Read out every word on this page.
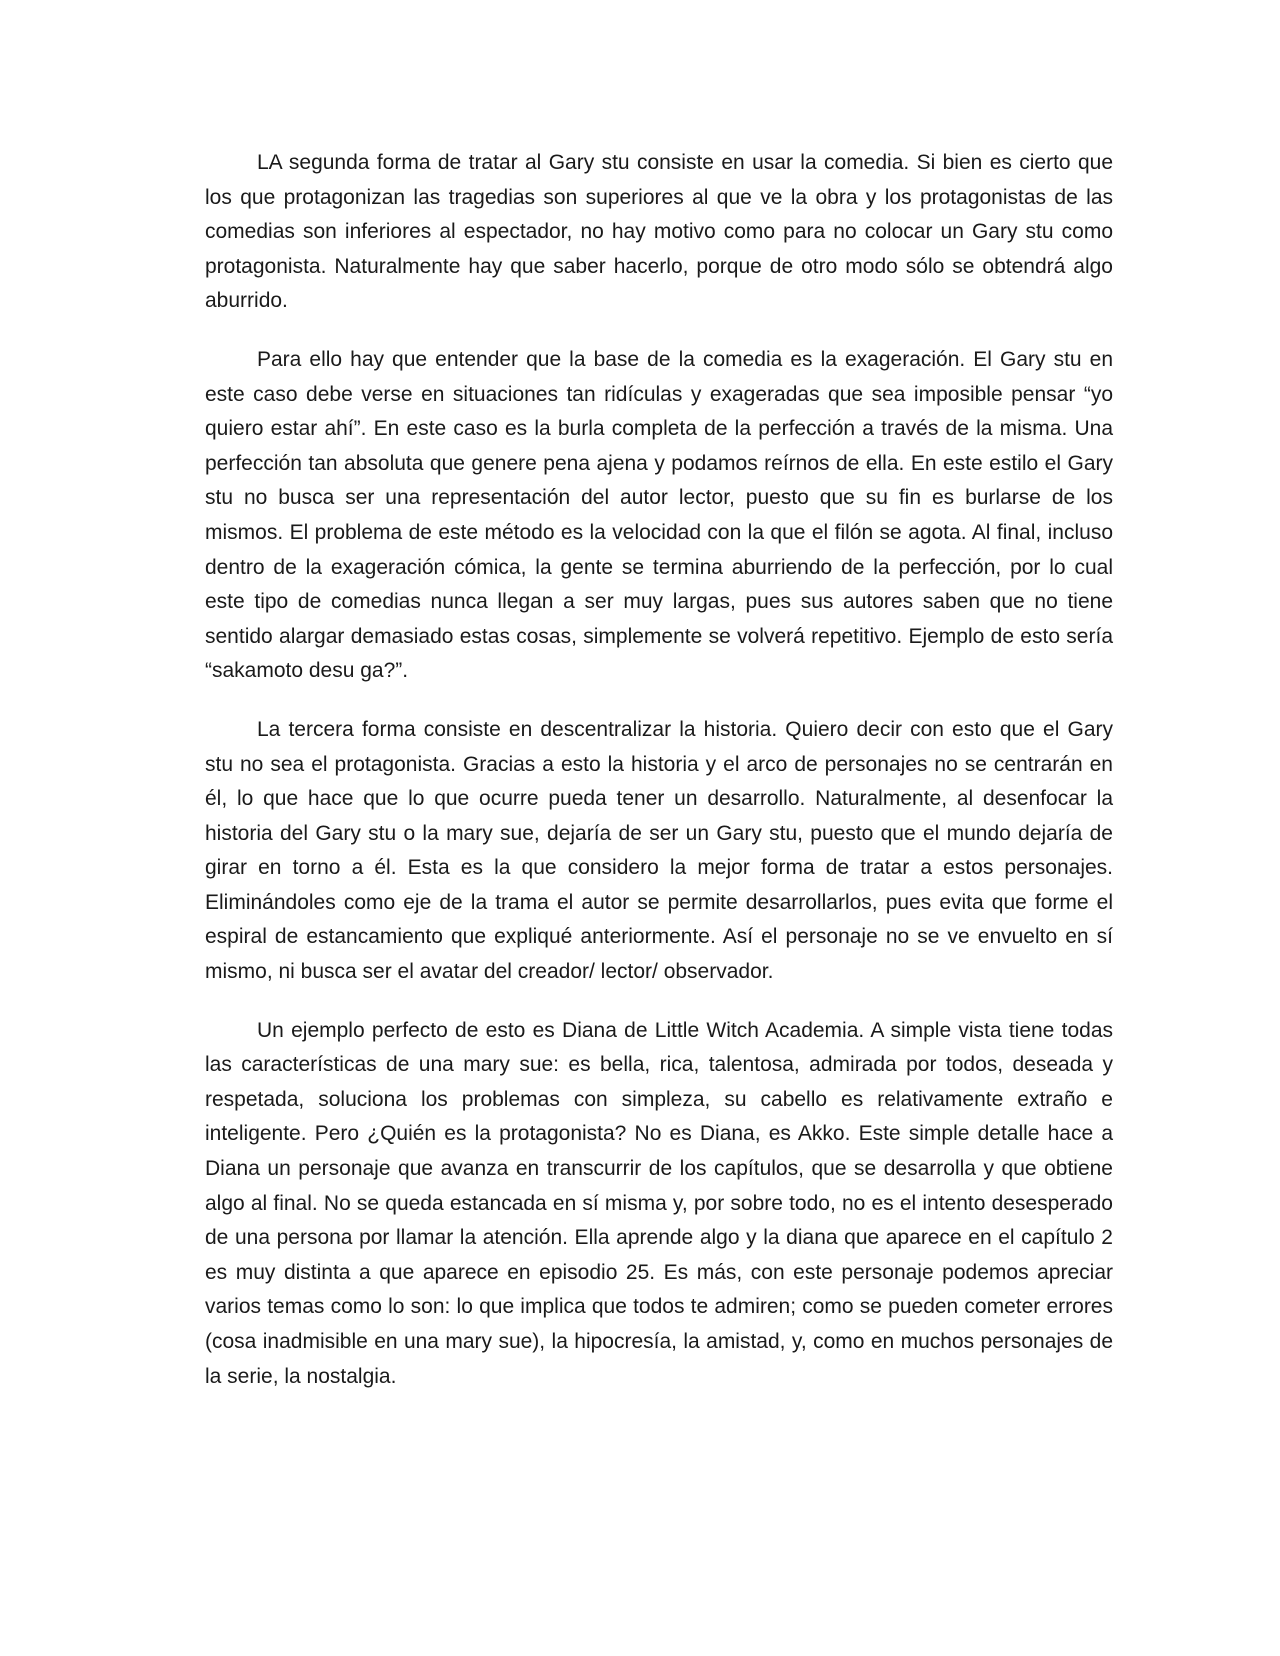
LA segunda forma de tratar al Gary stu consiste en usar la comedia. Si bien es cierto que los que protagonizan las tragedias son superiores al que ve la obra y los protagonistas de las comedias son inferiores al espectador, no hay motivo como para no colocar un Gary stu como protagonista. Naturalmente hay que saber hacerlo, porque de otro modo sólo se obtendrá algo aburrido.

Para ello hay que entender que la base de la comedia es la exageración. El Gary stu en este caso debe verse en situaciones tan ridículas y exageradas que sea imposible pensar “yo quiero estar ahí”. En este caso es la burla completa de la perfección a través de la misma. Una perfección tan absoluta que genere pena ajena y podamos reírnos de ella. En este estilo el Gary stu no busca ser una representación del autor lector, puesto que su fin es burlarse de los mismos. El problema de este método es la velocidad con la que el filón se agota. Al final, incluso dentro de la exageración cómica, la gente se termina aburriendo de la perfección, por lo cual este tipo de comedias nunca llegan a ser muy largas, pues sus autores saben que no tiene sentido alargar demasiado estas cosas, simplemente se volverá repetitivo. Ejemplo de esto sería “sakamoto desu ga?”.

La tercera forma consiste en descentralizar la historia. Quiero decir con esto que el Gary stu no sea el protagonista. Gracias a esto la historia y el arco de personajes no se centrarán en él, lo que hace que lo que ocurre pueda tener un desarrollo. Naturalmente, al desenfocar la historia del Gary stu o la mary sue, dejaría de ser un Gary stu, puesto que el mundo dejaría de girar en torno a él. Esta es la que considero la mejor forma de tratar a estos personajes. Eliminándoles como eje de la trama el autor se permite desarrollarlos, pues evita que forme el espiral de estancamiento que expliqué anteriormente. Así el personaje no se ve envuelto en sí mismo, ni busca ser el avatar del creador/ lector/ observador.

Un ejemplo perfecto de esto es Diana de Little Witch Academia. A simple vista tiene todas las características de una mary sue: es bella, rica, talentosa, admirada por todos, deseada y respetada, soluciona los problemas con simpleza, su cabello es relativamente extraño e inteligente. Pero ¿Quién es la protagonista? No es Diana, es Akko. Este simple detalle hace a Diana un personaje que avanza en transcurrir de los capítulos, que se desarrolla y que obtiene algo al final. No se queda estancada en sí misma y, por sobre todo, no es el intento desesperado de una persona por llamar la atención. Ella aprende algo y la diana que aparece en el capítulo 2 es muy distinta a que aparece en episodio 25. Es más, con este personaje podemos apreciar varios temas como lo son: lo que implica que todos te admiren; como se pueden cometer errores (cosa inadmisible en una mary sue), la hipocresía, la amistad, y, como en muchos personajes de la serie, la nostalgia.
